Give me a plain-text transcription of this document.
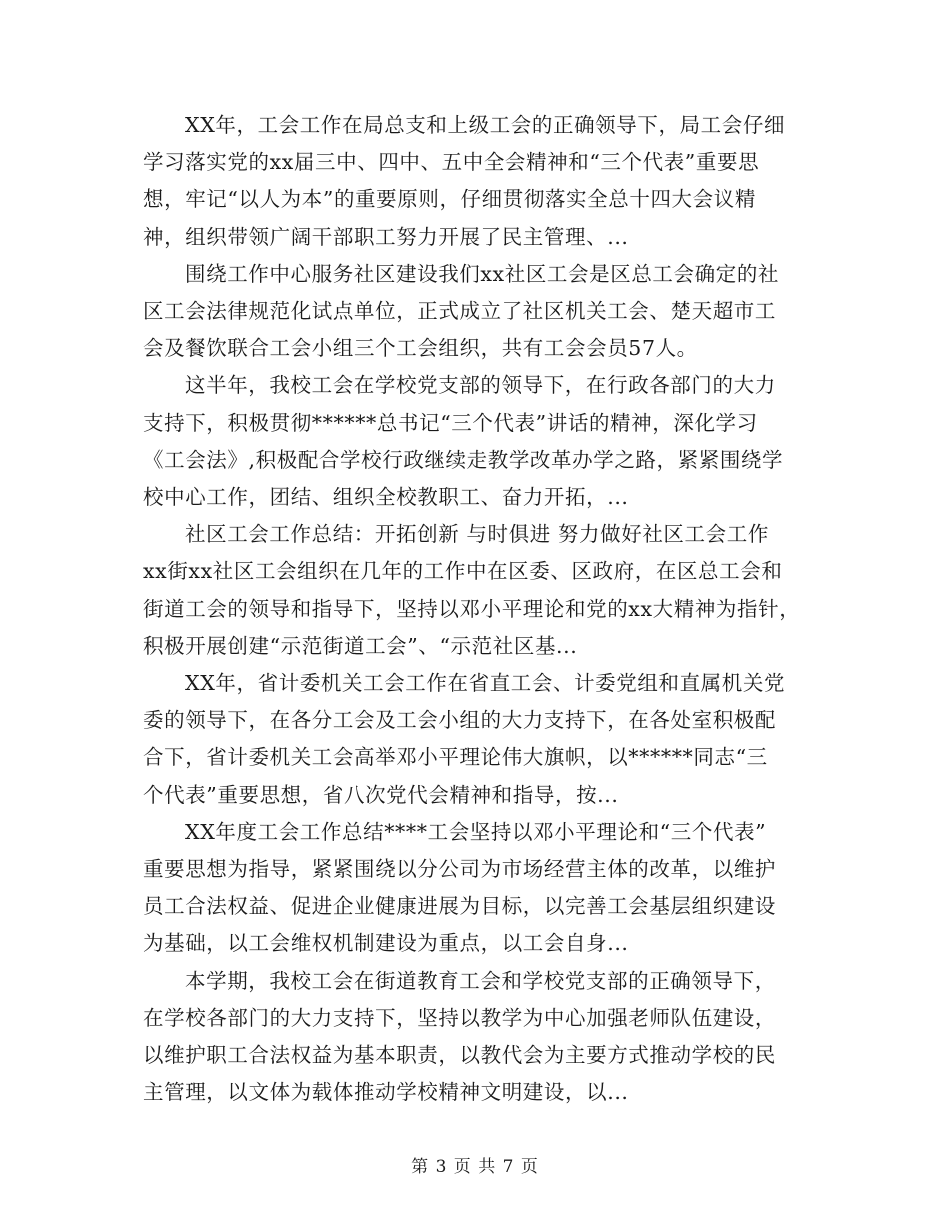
XX年，工会工作在局总支和上级工会的正确领导下，局工会仔细
学习落实党的xx届三中、四中、五中全会精神和“三个代表”重要思
想，牢记“以人为本”的重要原则，仔细贯彻落实全总十四大会议精
神，组织带领广阔干部职工努力开展了民主管理、...

围绕工作中心服务社区建设我们xx社区工会是区总工会确定的社
区工会法律规范化试点单位，正式成立了社区机关工会、楚天超市工
会及餐饮联合工会小组三个工会组织，共有工会会员57人。

这半年，我校工会在学校党支部的领导下，在行政各部门的大力
支持下，积极贯彻******总书记“三个代表”讲话的精神，深化学习
《工会法》,积极配合学校行政继续走教学改革办学之路，紧紧围绕学
校中心工作，团结、组织全校教职工、奋力开拓，...

社区工会工作总结：开拓创新 与时俱进 努力做好社区工会工作
xx街xx社区工会组织在几年的工作中在区委、区政府，在区总工会和
街道工会的领导和指导下，坚持以邓小平理论和党的xx大精神为指针，
积极开展创建“示范街道工会”、“示范社区基...

XX年，省计委机关工会工作在省直工会、计委党组和直属机关党
委的领导下，在各分工会及工会小组的大力支持下，在各处室积极配
合下，省计委机关工会高举邓小平理论伟大旗帜，以******同志“三
个代表”重要思想，省八次党代会精神和指导，按...

XX年度工会工作总结****工会坚持以邓小平理论和“三个代表”
重要思想为指导，紧紧围绕以分公司为市场经营主体的改革，以维护
员工合法权益、促进企业健康进展为目标，以完善工会基层组织建设
为基础，以工会维权机制建设为重点，以工会自身...

本学期，我校工会在街道教育工会和学校党支部的正确领导下，
在学校各部门的大力支持下，坚持以教学为中心加强老师队伍建设，
以维护职工合法权益为基本职责，以教代会为主要方式推动学校的民
主管理，以文体为载体推动学校精神文明建设，以...

第 3 页 共 7 页
